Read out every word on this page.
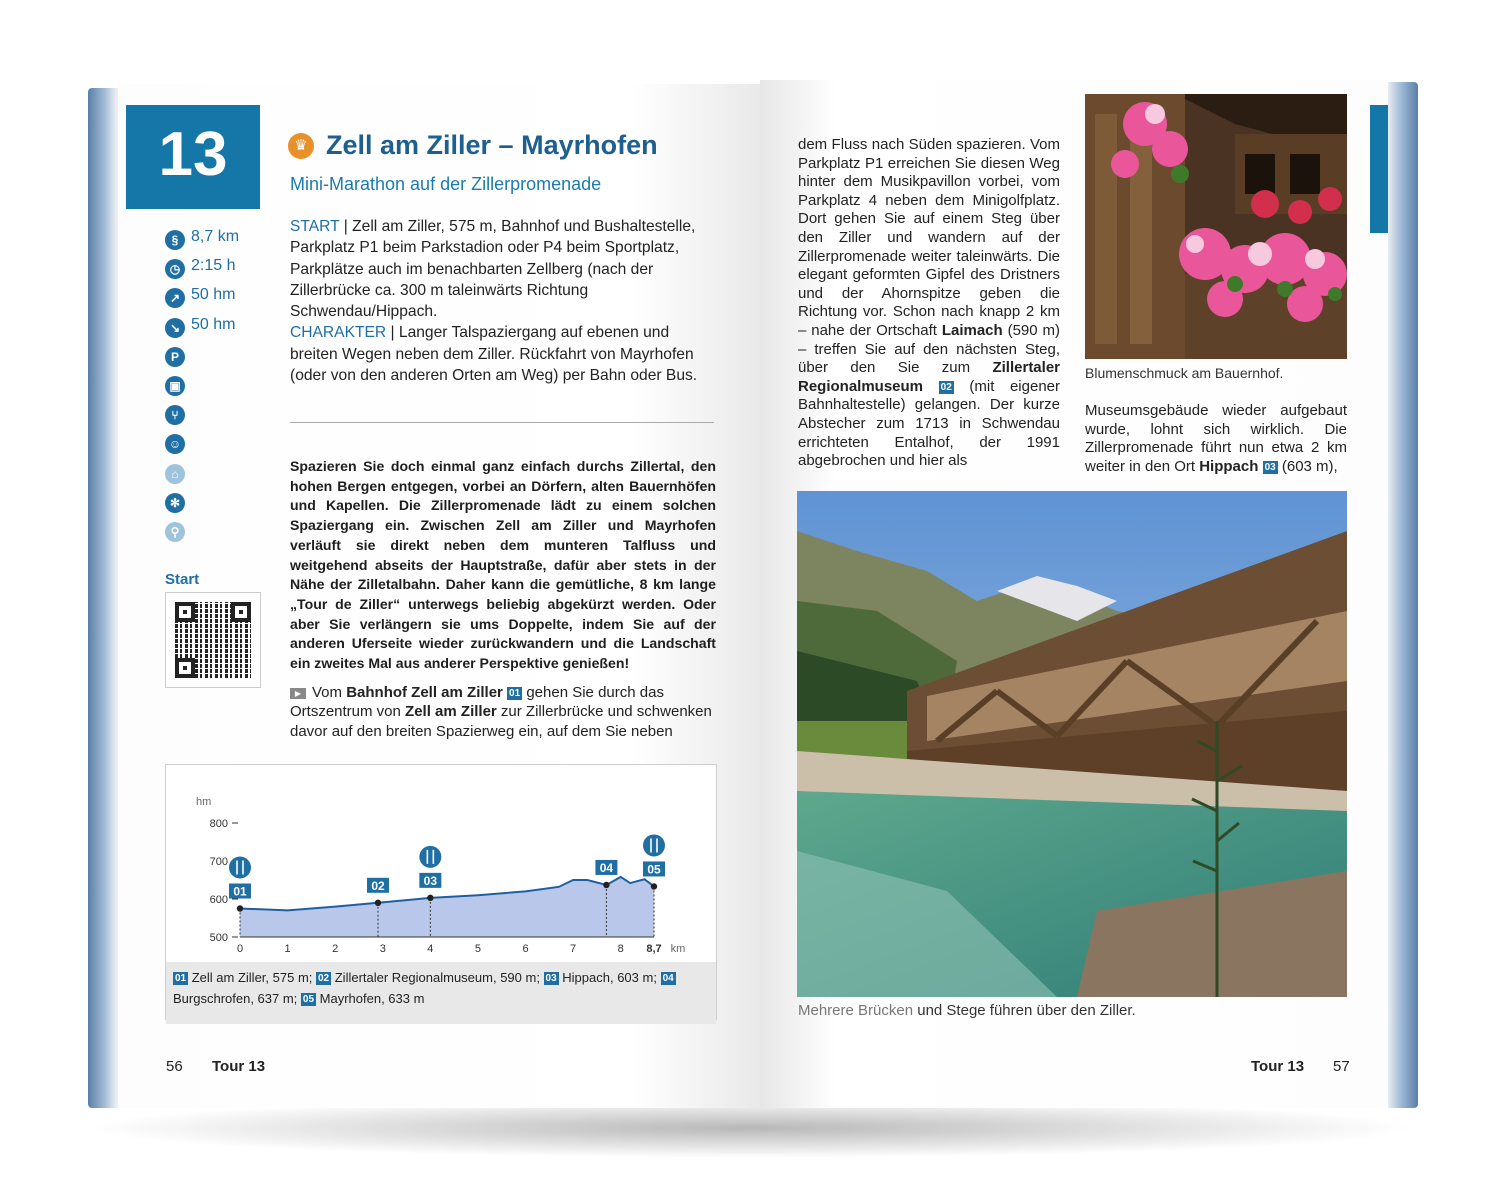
13	♛ Zell am Ziller – Mayrhofen
Mini-Marathon auf der Zillerpromenade
§ 8,7 km
◷ 2:15 h
↗ 50 hm
↘ 50 hm
P
▣
⑂
☺
⌂
✻
⚲
Start
START | Zell am Ziller, 575 m, Bahnhof und Bushaltestelle, Parkplatz P1 beim Parkstadion oder P4 beim Sportplatz, Parkplätze auch im benachbarten Zellberg (nach der Zillerbrücke ca. 300 m taleinwärts Richtung Schwendau/Hippach.
CHARAKTER | Langer Talspaziergang auf ebenen und breiten Wegen neben dem Ziller. Rückfahrt von Mayrhofen (oder von den anderen Orten am Weg) per Bahn oder Bus.
Spazieren Sie doch einmal ganz einfach durchs Zillertal, den hohen Bergen entgegen, vorbei an Dörfern, alten Bauernhöfen und Kapellen. Die Zillerpromenade lädt zu einem solchen Spaziergang ein. Zwischen Zell am Ziller und Mayrhofen verläuft sie direkt neben dem munteren Talfluss und weitgehend abseits der Hauptstraße, dafür aber stets in der Nähe der Zilletalbahn. Daher kann die gemütliche, 8 km lange „Tour de Ziller“ unterwegs beliebig abgekürzt werden. Oder aber Sie verlängern sie ums Doppelte, indem Sie auf der anderen Uferseite wieder zurückwandern und die Landschaft ein zweites Mal aus anderer Perspektive genießen!
▶ Vom Bahnhof Zell am Ziller 01 gehen Sie durch das Ortszentrum von Zell am Ziller zur Zillerbrücke und schwenken davor auf den breiten Spazierweg ein, auf dem Sie neben
hm
500
600
700
800
0	1	2	3	4	5	6	7	8 8,7 km
01	02	03
04	05
01 Zell am Ziller, 575 m; 02 Zillertaler Regionalmuseum, 590 m; 03 Hippach, 603 m; 04 Burgschrofen, 637 m; 05 Mayrhofen, 633 m
56 Tour 13
dem Fluss nach Süden spazieren. Vom Parkplatz P1 erreichen Sie diesen Weg hinter dem Musikpavillon vorbei, vom Parkplatz 4 neben dem Minigolfplatz. Dort gehen Sie auf einem Steg über den Ziller und wandern auf der Zillerpromenade weiter taleinwärts. Die elegant geformten Gipfel des Dristners und der Ahornspitze geben die Richtung vor. Schon nach knapp 2 km – nahe der Ortschaft Laimach (590 m) – treffen Sie auf den nächsten Steg, über den Sie zum Zillertaler Regionalmuseum 02 (mit eigener Bahnhaltestelle) gelangen. Der kurze Abstecher zum 1713 in Schwendau errichteten Entalhof, der 1991 abgebrochen und hier als
Blumenschmuck am Bauernhof.
Museumsgebäude wieder aufgebaut wurde, lohnt sich wirklich. Die Zillerpromenade führt nun etwa 2 km weiter in den Ort Hippach 03 (603 m),
Mehrere Brücken und Stege führen über den Ziller.
Tour 13 57
